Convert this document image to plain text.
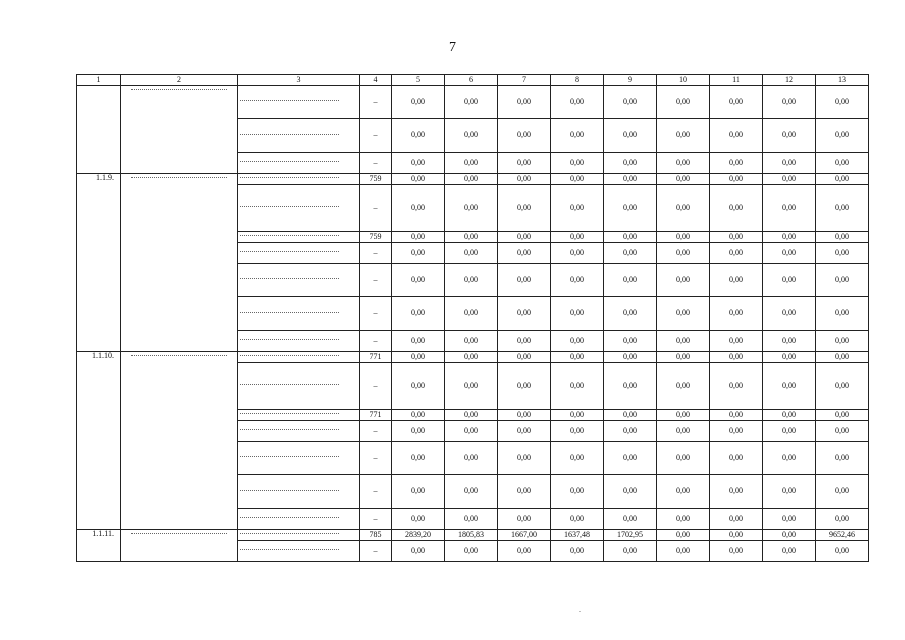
7
1	2	3	4	5	6	7	8	9	10	11	12	13
			–	0,00	0,00	0,00	0,00	0,00	0,00	0,00	0,00	0,00
			–	0,00	0,00	0,00	0,00	0,00	0,00	0,00	0,00	0,00
			–	0,00	0,00	0,00	0,00	0,00	0,00	0,00	0,00	0,00
1.1.9.			759	0,00	0,00	0,00	0,00	0,00	0,00	0,00	0,00	0,00
			–	0,00	0,00	0,00	0,00	0,00	0,00	0,00	0,00	0,00
			759	0,00	0,00	0,00	0,00	0,00	0,00	0,00	0,00	0,00
			–	0,00	0,00	0,00	0,00	0,00	0,00	0,00	0,00	0,00
			–	0,00	0,00	0,00	0,00	0,00	0,00	0,00	0,00	0,00
			–	0,00	0,00	0,00	0,00	0,00	0,00	0,00	0,00	0,00
			–	0,00	0,00	0,00	0,00	0,00	0,00	0,00	0,00	0,00
1.1.10.			771	0,00	0,00	0,00	0,00	0,00	0,00	0,00	0,00	0,00
			–	0,00	0,00	0,00	0,00	0,00	0,00	0,00	0,00	0,00
			771	0,00	0,00	0,00	0,00	0,00	0,00	0,00	0,00	0,00
			–	0,00	0,00	0,00	0,00	0,00	0,00	0,00	0,00	0,00
			–	0,00	0,00	0,00	0,00	0,00	0,00	0,00	0,00	0,00
			–	0,00	0,00	0,00	0,00	0,00	0,00	0,00	0,00	0,00
			–	0,00	0,00	0,00	0,00	0,00	0,00	0,00	0,00	0,00
1.1.11.			785	2839,20	1805,83	1667,00	1637,48	1702,95	0,00	0,00	0,00	9652,46
			–	0,00	0,00	0,00	0,00	0,00	0,00	0,00	0,00	0,00
.
